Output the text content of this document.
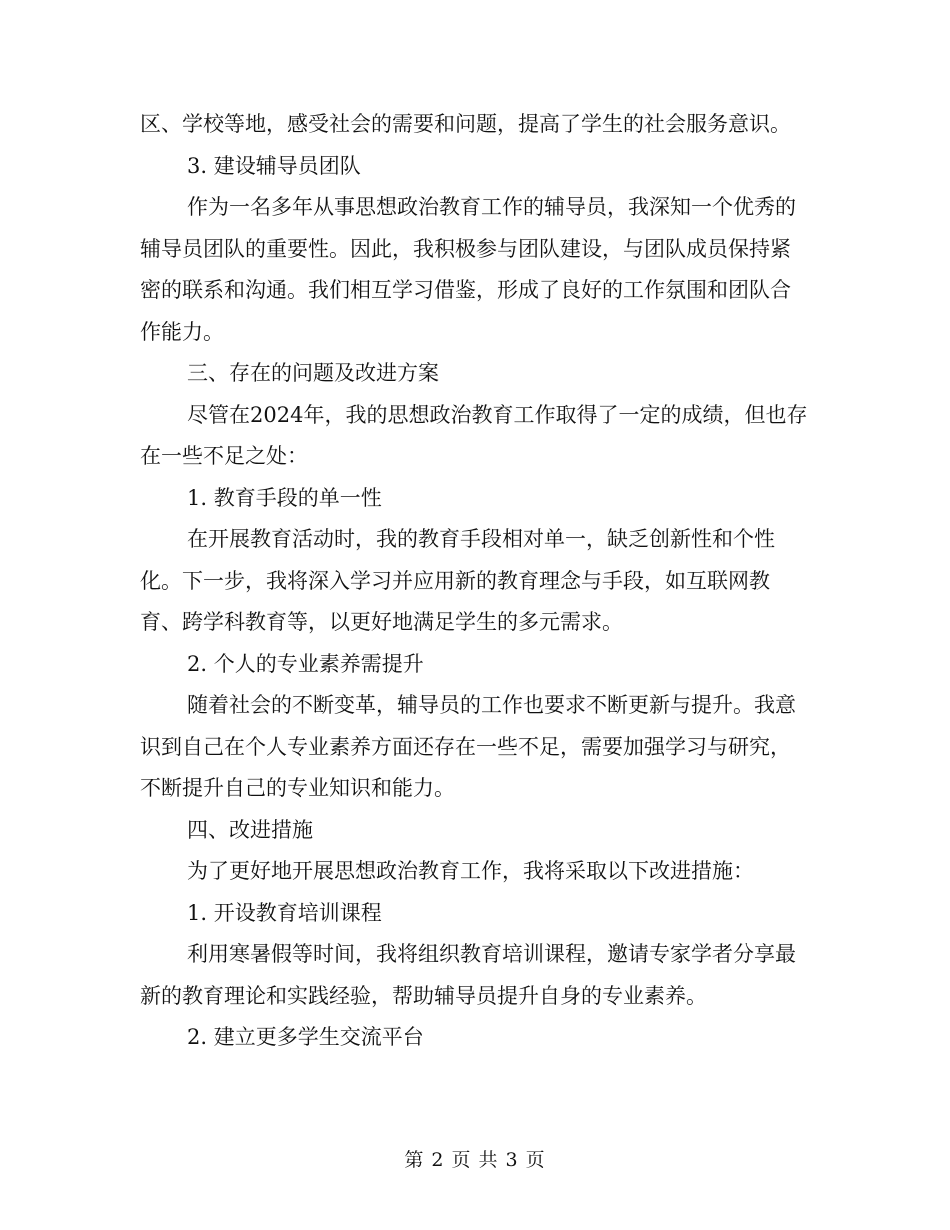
区、学校等地，感受社会的需要和问题，提高了学生的社会服务意识。

3. 建设辅导员团队

作为一名多年从事思想政治教育工作的辅导员，我深知一个优秀的辅导员团队的重要性。因此，我积极参与团队建设，与团队成员保持紧密的联系和沟通。我们相互学习借鉴，形成了良好的工作氛围和团队合作能力。

三、存在的问题及改进方案

尽管在2024年，我的思想政治教育工作取得了一定的成绩，但也存在一些不足之处：

1. 教育手段的单一性

在开展教育活动时，我的教育手段相对单一，缺乏创新性和个性化。下一步，我将深入学习并应用新的教育理念与手段，如互联网教育、跨学科教育等，以更好地满足学生的多元需求。

2. 个人的专业素养需提升

随着社会的不断变革，辅导员的工作也要求不断更新与提升。我意识到自己在个人专业素养方面还存在一些不足，需要加强学习与研究，不断提升自己的专业知识和能力。

四、改进措施

为了更好地开展思想政治教育工作，我将采取以下改进措施：

1. 开设教育培训课程

利用寒暑假等时间，我将组织教育培训课程，邀请专家学者分享最新的教育理论和实践经验，帮助辅导员提升自身的专业素养。

2. 建立更多学生交流平台

第 2 页 共 3 页
